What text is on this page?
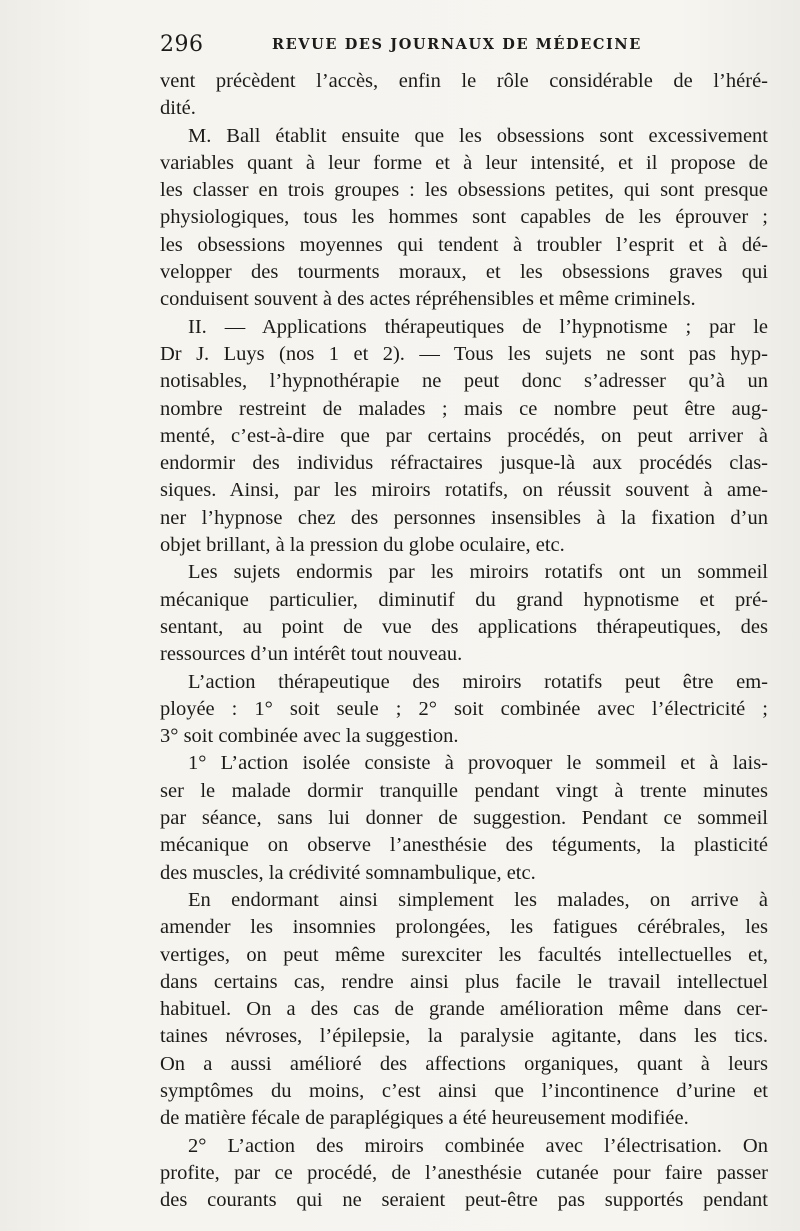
296	REVUE DES JOURNAUX DE MÉDECINE
vent précèdent l’accès, enfin le rôle considérable de l’héré-
dité.
M. Ball établit ensuite que les obsessions sont excessivement
variables quant à leur forme et à leur intensité, et il propose de
les classer en trois groupes : les obsessions petites, qui sont presque
physiologiques, tous les hommes sont capables de les éprouver ;
les obsessions moyennes qui tendent à troubler l’esprit et à dé-
velopper des tourments moraux, et les obsessions graves qui
conduisent souvent à des actes répréhensibles et même criminels.
II. — Applications thérapeutiques de l’hypnotisme ; par le
Dr J. Luys (nos 1 et 2). — Tous les sujets ne sont pas hyp-
notisables, l’hypnothérapie ne peut donc s’adresser qu’à un
nombre restreint de malades ; mais ce nombre peut être aug-
menté, c’est-à-dire que par certains procédés, on peut arriver à
endormir des individus réfractaires jusque-là aux procédés clas-
siques. Ainsi, par les miroirs rotatifs, on réussit souvent à ame-
ner l’hypnose chez des personnes insensibles à la fixation d’un
objet brillant, à la pression du globe oculaire, etc.
Les sujets endormis par les miroirs rotatifs ont un sommeil
mécanique particulier, diminutif du grand hypnotisme et pré-
sentant, au point de vue des applications thérapeutiques, des
ressources d’un intérêt tout nouveau.
L’action thérapeutique des miroirs rotatifs peut être em-
ployée : 1° soit seule ; 2° soit combinée avec l’électricité ;
3° soit combinée avec la suggestion.
1° L’action isolée consiste à provoquer le sommeil et à lais-
ser le malade dormir tranquille pendant vingt à trente minutes
par séance, sans lui donner de suggestion. Pendant ce sommeil
mécanique on observe l’anesthésie des téguments, la plasticité
des muscles, la crédivité somnambulique, etc.
En endormant ainsi simplement les malades, on arrive à
amender les insomnies prolongées, les fatigues cérébrales, les
vertiges, on peut même surexciter les facultés intellectuelles et,
dans certains cas, rendre ainsi plus facile le travail intellectuel
habituel. On a des cas de grande amélioration même dans cer-
taines névroses, l’épilepsie, la paralysie agitante, dans les tics.
On a aussi amélioré des affections organiques, quant à leurs
symptômes du moins, c’est ainsi que l’incontinence d’urine et
de matière fécale de paraplégiques a été heureusement modifiée.
2° L’action des miroirs combinée avec l’électrisation. On
profite, par ce procédé, de l’anesthésie cutanée pour faire passer
des courants qui ne seraient peut-être pas supportés pendant
